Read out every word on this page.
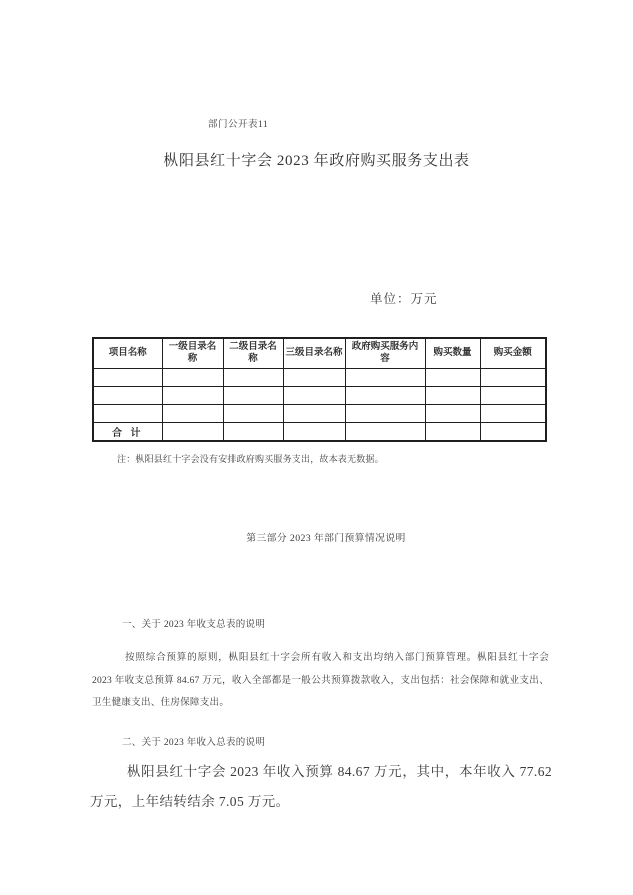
部门公开表11
枞阳县红十字会 2023 年政府购买服务支出表
单位：万元
项目名称	一级目录名称	二级目录名称	三级目录名称	政府购买服务内容	购买数量	购买金额

合 计						
注：枞阳县红十字会没有安排政府购买服务支出，故本表无数据。
第三部分 2023 年部门预算情况说明
一、关于 2023 年收支总表的说明

按照综合预算的原则，枞阳县红十字会所有收入和支出均纳入部门预算管理。枞阳县红十字会 2023 年收支总预算 84.67 万元，收入全部都是一般公共预算拨款收入，支出包括：社会保障和就业支出、卫生健康支出、住房保障支出。

二、关于 2023 年收入总表的说明

枞阳县红十字会 2023 年收入预算 84.67 万元，其中，本年收入 77.62 万元，上年结转结余 7.05 万元。
